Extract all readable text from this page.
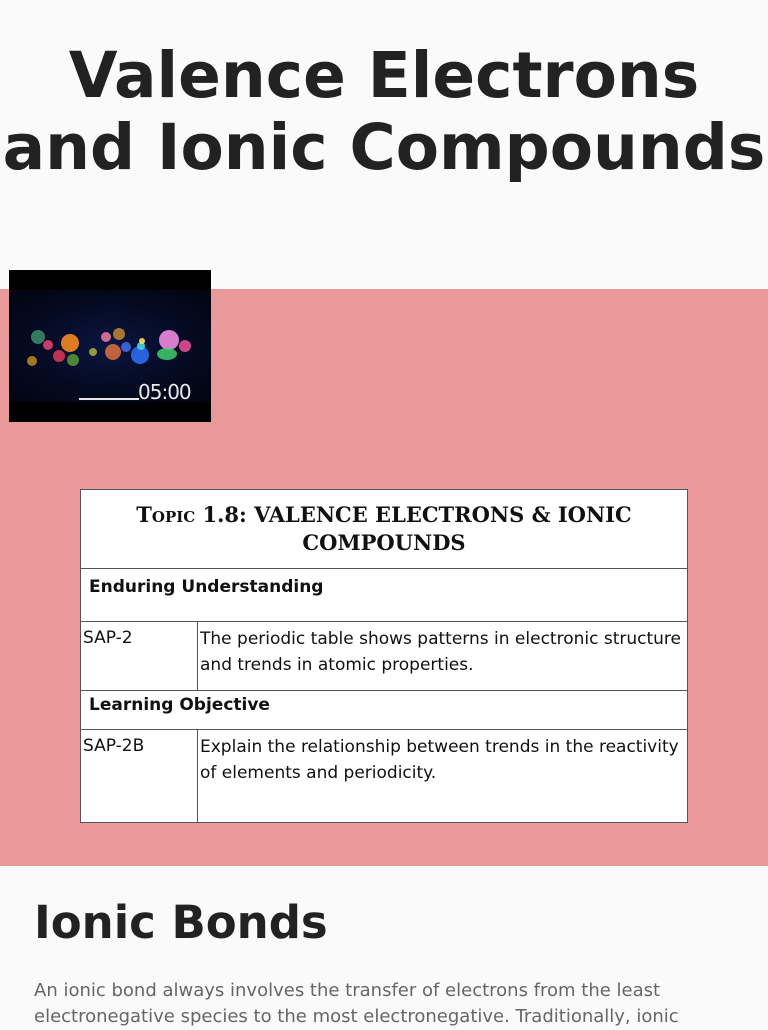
Valence Electrons and Ionic Compounds
05:00
Topic 1.8: VALENCE ELECTRONS & IONIC COMPOUNDS	
Enduring Understanding	
SAP-2	The periodic table shows patterns in electronic structure and trends in atomic properties.
Learning Objective	
SAP-2B	Explain the relationship between trends in the reactivity of elements and periodicity.
Ionic Bonds

An ionic bond always involves the transfer of electrons from the least electronegative species to the most electronegative. Traditionally, ionic
